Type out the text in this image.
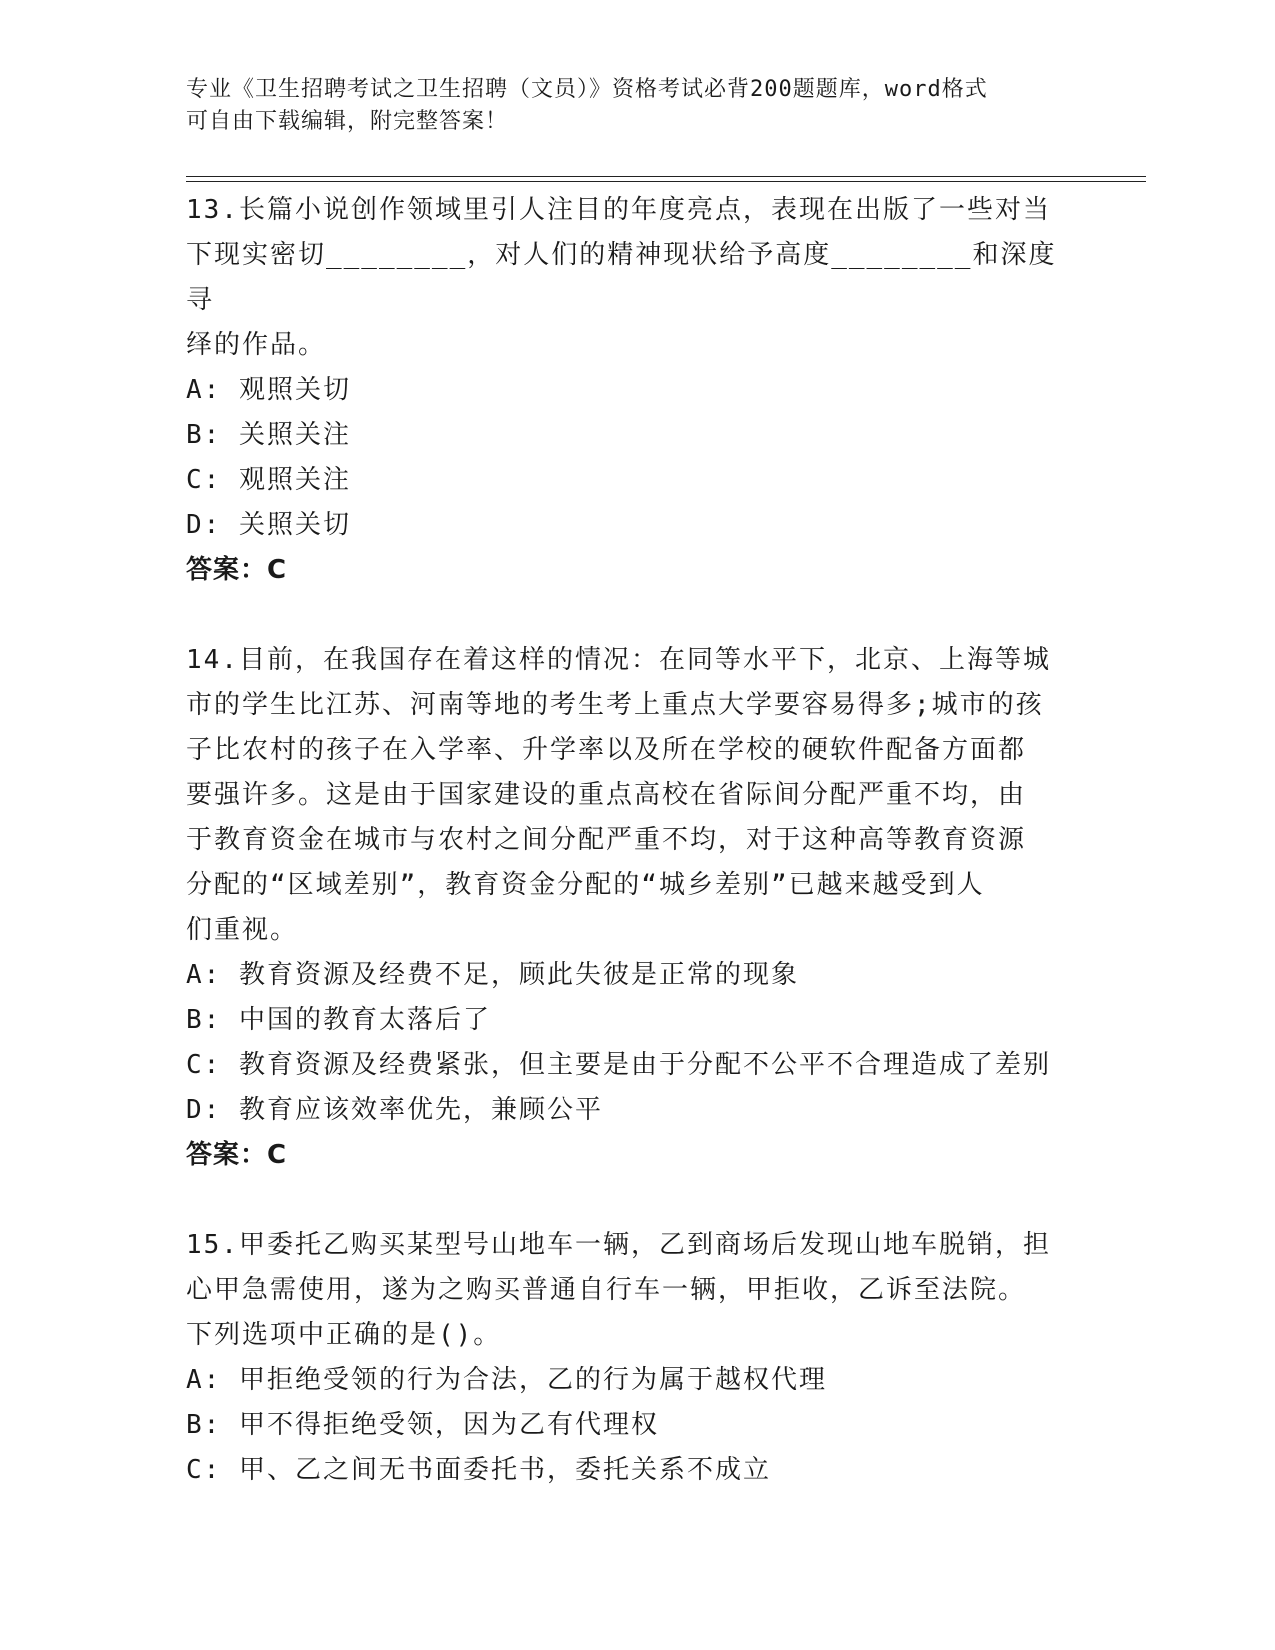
专业《卫生招聘考试之卫生招聘（文员）》资格考试必背200题题库，word格式
可自由下载编辑，附完整答案！
13.长篇小说创作领域里引人注目的年度亮点，表现在出版了一些对当
下现实密切________，对人们的精神现状给予高度________和深度寻
绎的作品。
A: 观照关切
B: 关照关注
C: 观照关注
D: 关照关切
答案：C
14.目前，在我国存在着这样的情况：在同等水平下，北京、上海等城
市的学生比江苏、河南等地的考生考上重点大学要容易得多;城市的孩
子比农村的孩子在入学率、升学率以及所在学校的硬软件配备方面都
要强许多。这是由于国家建设的重点高校在省际间分配严重不均，由
于教育资金在城市与农村之间分配严重不均，对于这种高等教育资源
分配的“区域差别”，教育资金分配的“城乡差别”已越来越受到人
们重视。
A: 教育资源及经费不足，顾此失彼是正常的现象
B: 中国的教育太落后了
C: 教育资源及经费紧张，但主要是由于分配不公平不合理造成了差别
D: 教育应该效率优先，兼顾公平
答案：C
15.甲委托乙购买某型号山地车一辆，乙到商场后发现山地车脱销，担
心甲急需使用，遂为之购买普通自行车一辆，甲拒收，乙诉至法院。
下列选项中正确的是()。
A: 甲拒绝受领的行为合法，乙的行为属于越权代理
B: 甲不得拒绝受领，因为乙有代理权
C: 甲、乙之间无书面委托书，委托关系不成立
